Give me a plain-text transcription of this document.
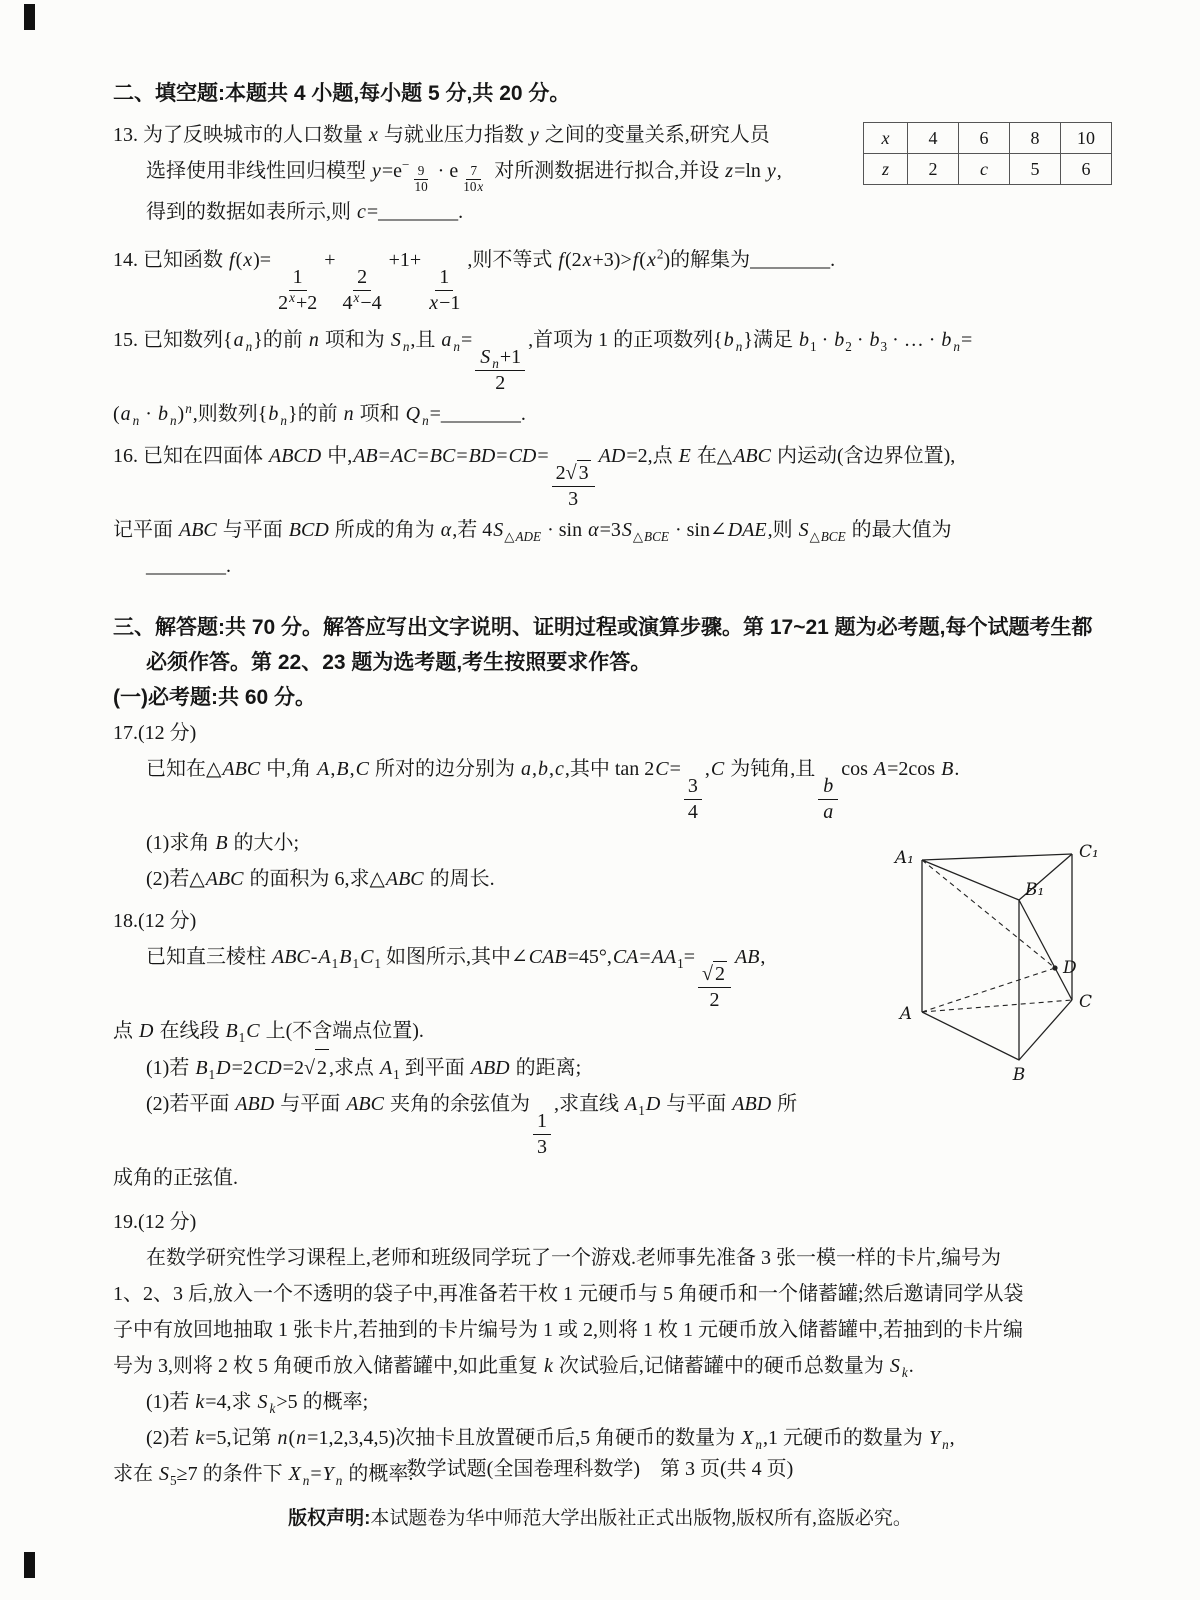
二、填空题:本题共 4 小题,每小题 5 分,共 20 分。
13. 为了反映城市的人口数量 x 与就业压力指数 y 之间的变量关系,研究人员
选择使用非线性回归模型 $y=e^{- \frac{9}{10}} \cdot e$ $^{\frac{7}{10x}}$ 对所测数据进行拟合,并设 z=ln y,
得到的数据如表所示,则 c=________.
x	4	6	8	10
z	2	c	5	6
14. 已知函数 f(x)=
$\frac{1}{2^x+2}$
+
$\frac{2}{4^x-4}$
+1+
$\frac{1}{x-1}$
,则不等式 $f(2x+3)>f(x^2)$的解集为________.
15. 已知数列{a $_n$}的前 n 项和为 S $_n$,且 a $_n$=
$\frac{S _n+1}{2}$
,首项为 1 的正项数列{b $_n$}满足 $b_1 \cdot b_2 \cdot b_3$ · … · b $_n$=
(a $_n$ · b $_n$)$^n$,则数列{b $_n$}的前 n 项和 Q $_n$=________.
16. 已知在四面体 ABCD 中,AB=AC=BC=BD=CD=
$\frac{2 √ 3}{3}$
AD=2,点 E 在△ABC 内运动(含边界位置),
记平面 ABC 与平面 BCD 所成的角为 α,若 $4S_{\triangle ADE} \cdot \sin \alpha=3S_{\triangle BCE}$ · sin∠DAE,则 $S_{\triangle BCE}$ 的最大值为
________.
三、解答题:共 70 分。解答应写出文字说明、证明过程或演算步骤。第 17~21 题为必考题,每个试题考生都
必须作答。第 22、23 题为选考题,考生按照要求作答。
(一)必考题:共 60 分。
17.(12 分)
已知在△ABC 中,角 A,B,C 所对的边分别为 a,b,c,其中 tan 2C=
$\frac{3}{4}$
,C 为钝角,且
$\frac{b}{a}$
cos A=2cos B.
(1)求角 B 的大小;
(2)若△ABC 的面积为 6,求△ABC 的周长.
18.(12 分)
已知直三棱柱 ABC-$A_1B_1C_1$ 如图所示,其中$\angle CAB=45^\circ,CA=AA_1=$
$\frac{√ 2}{2}$
AB,
点 D 在线段 $B_1C$ 上(不含端点位置).
(1)若 $B_1D=2CD=2$ √ 2 ,求点 $A_1$ 到平面 ABD 的距离;
(2)若平面 ABD 与平面 ABC 夹角的余弦值为
$\frac{1}{3}$
,求直线 $A_1D$ 与平面 ABD 所
成角的正弦值.
19.(12 分)
在数学研究性学习课程上,老师和班级同学玩了一个游戏.老师事先准备 3 张一模一样的卡片,编号为
1、2、3 后,放入一个不透明的袋子中,再准备若干枚 1 元硬币与 5 角硬币和一个储蓄罐;然后邀请同学从袋
子中有放回地抽取 1 张卡片,若抽到的卡片编号为 1 或 2,则将 1 枚 1 元硬币放入储蓄罐中,若抽到的卡片编
号为 3,则将 2 枚 5 角硬币放入储蓄罐中,如此重复 k 次试验后,记储蓄罐中的硬币总数量为 S $_k$.
(1)若 k=4,求 S $_k$>5 的概率;
(2)若 k=5,记第 n(n=1,2,3,4,5)次抽卡且放置硬币后,5 角硬币的数量为 X $_n$,1 元硬币的数量为 Y $_n$,
求在 $S_5\ge 7$ 的条件下 X $_n$=Y $_n$ 的概率.
A₁	C₁
B₁
D
A
C
B
数学试题(全国卷理科数学)　第 3 页(共 4 页)
版权声明:本试题卷为华中师范大学出版社正式出版物,版权所有,盗版必究。
